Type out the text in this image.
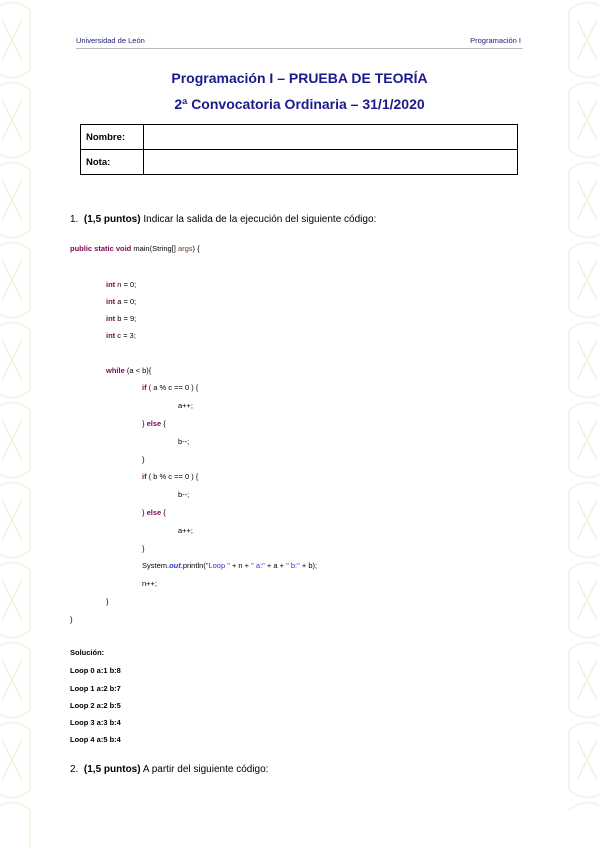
Universidad de León	Programación I
Programación I – PRUEBA DE TEORÍA
2ª Convocatoria Ordinaria – 31/1/2020
Nombre:	
Nota:	
1. (1,5 puntos) Indicar la salida de la ejecución del siguiente código:
public static void main(String[] args) {
int n = 0;
int a = 0;
int b = 9;
int c = 3;
while (a < b){
if ( a % c == 0 ) {
a++;
} else {
b--;
}
if ( b % c == 0 ) {
b--;
} else {
a++;
}
System.out.println("Loop " + n + " a:" + a + " b:" + b);
n++;
}
}
Solución:
Loop 0 a:1 b:8
Loop 1 a:2 b:7
Loop 2 a:2 b:5
Loop 3 a:3 b:4
Loop 4 a:5 b:4
2. (1,5 puntos) A partir del siguiente código:
